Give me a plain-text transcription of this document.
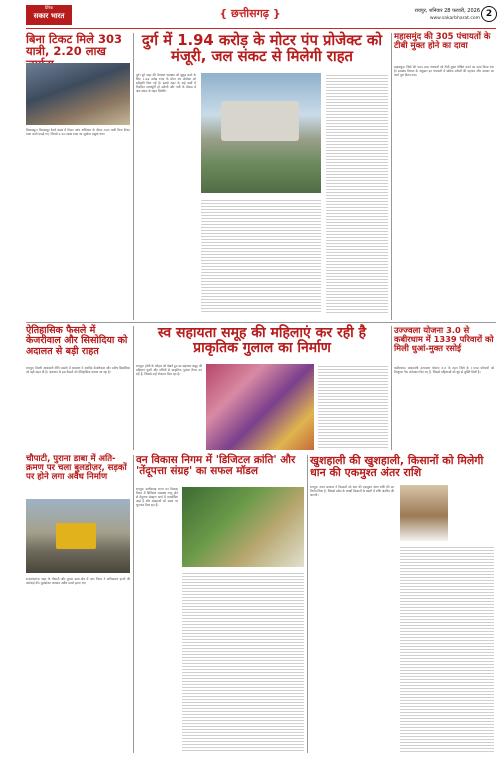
दैनिक
सकार भारत	{ छत्तीसगढ़ }	रायपुर, शनिवार 28 फरवरी, 2026
www.sakarbharat.com 2
बिना टिकट मिले 303 यात्री, 2.20 लाख

बिलासपुर। बिलासपुर रेलवे मंडल में टिकट जांच अभियान के दौरान 303 यात्री बिना टिकट यात्रा करते पकड़े गए, जिनसे 2.20 लाख रुपए का जुर्माना वसूला गया।

दुर्ग में 1.94 करोड़ के मोटर पंप प्रोजेक्ट को मंजूरी, जल संकट से मिलेगी राहत

दुर्ग। दुर्ग शहर की पेयजल व्यवस्था को सुदृढ़ करने के लिए 1.94 करोड़ रुपए के मोटर पंप प्रोजेक्ट को स्वीकृति मिल गई है। इससे शहर के कई वार्डों में नियमित जलापूर्ति हो सकेगी और गर्मी के मौसम में जल संकट से राहत मिलेगी।

महासमुंद की 305 पंचायतों के टीबी मुक्त होने का दावा

महासमुंद। जिले की 305 ग्राम पंचायतों को टीबी मुक्त घोषित करने का दावा किया गया है। स्वास्थ्य विभाग के अनुसार इन पंचायतों में सक्रिय मरीजों की पहचान और उपचार का कार्य पूरा किया गया।

ऐतिहासिक फैसले में केजरीवाल और सिसोदिया को अदालत से बड़ी राहत

रायपुर। दिल्ली आबकारी नीति मामले में अदालत ने अरविंद केजरीवाल और मनीष सिसोदिया को बड़ी राहत दी है। अदालत के इस फैसले को ऐतिहासिक बताया जा रहा है।

स्व सहायता समूह की महिलाएं कर रही है प्राकृतिक गुलाल का निर्माण

रायपुर। होली के त्योहार को देखते हुए स्व सहायता समूह की महिलाएं फूलों और पत्तियों से प्राकृतिक गुलाल तैयार कर रही हैं, जिससे उन्हें रोजगार मिल रहा है।

उज्ज्वला योजना 3.0 से कबीरधाम में 1339 परिवारों को मिली धुआं-मुक्त रसोई

कबीरधाम। प्रधानमंत्री उज्ज्वला योजना 3.0 के तहत जिले के 1339 परिवारों को निःशुल्क गैस कनेक्शन दिए गए हैं, जिससे महिलाओं को धुएं से मुक्ति मिली है।

चौपाटी, पुराना डाबा में अति-क्रमण पर चला बुलडोज़र, सड़कों पर होने लगा अवैध निर्माण

राजनांदगांव। शहर के चौपाटी और पुराना डाबा क्षेत्र में नगर निगम ने अतिक्रमण हटाने की कार्रवाई की। बुलडोज़र चलाकर अवैध कब्जे हटाए गए।

वन विकास निगम में 'डिजिटल क्रांति' और 'तेंदूपत्ता संग्रह' का सफल मॉडल

रायपुर। छत्तीसगढ़ राज्य वन विकास निगम में डिजिटल व्यवस्था लागू होने से तेंदूपत्ता संग्रहण कार्य में पारदर्शिता आई है और संग्राहकों को समय पर भुगतान मिल रहा है।

खुशहाली की खुशहाली, किसानों को मिलेगी धान की एकमुश्त अंतर राशि

रायपुर। राज्य सरकार ने किसानों को धान की एकमुश्त अंतर राशि देने का निर्णय लिया है, जिससे प्रदेश के लाखों किसानों के खातों में राशि अंतरित की जाएगी।
